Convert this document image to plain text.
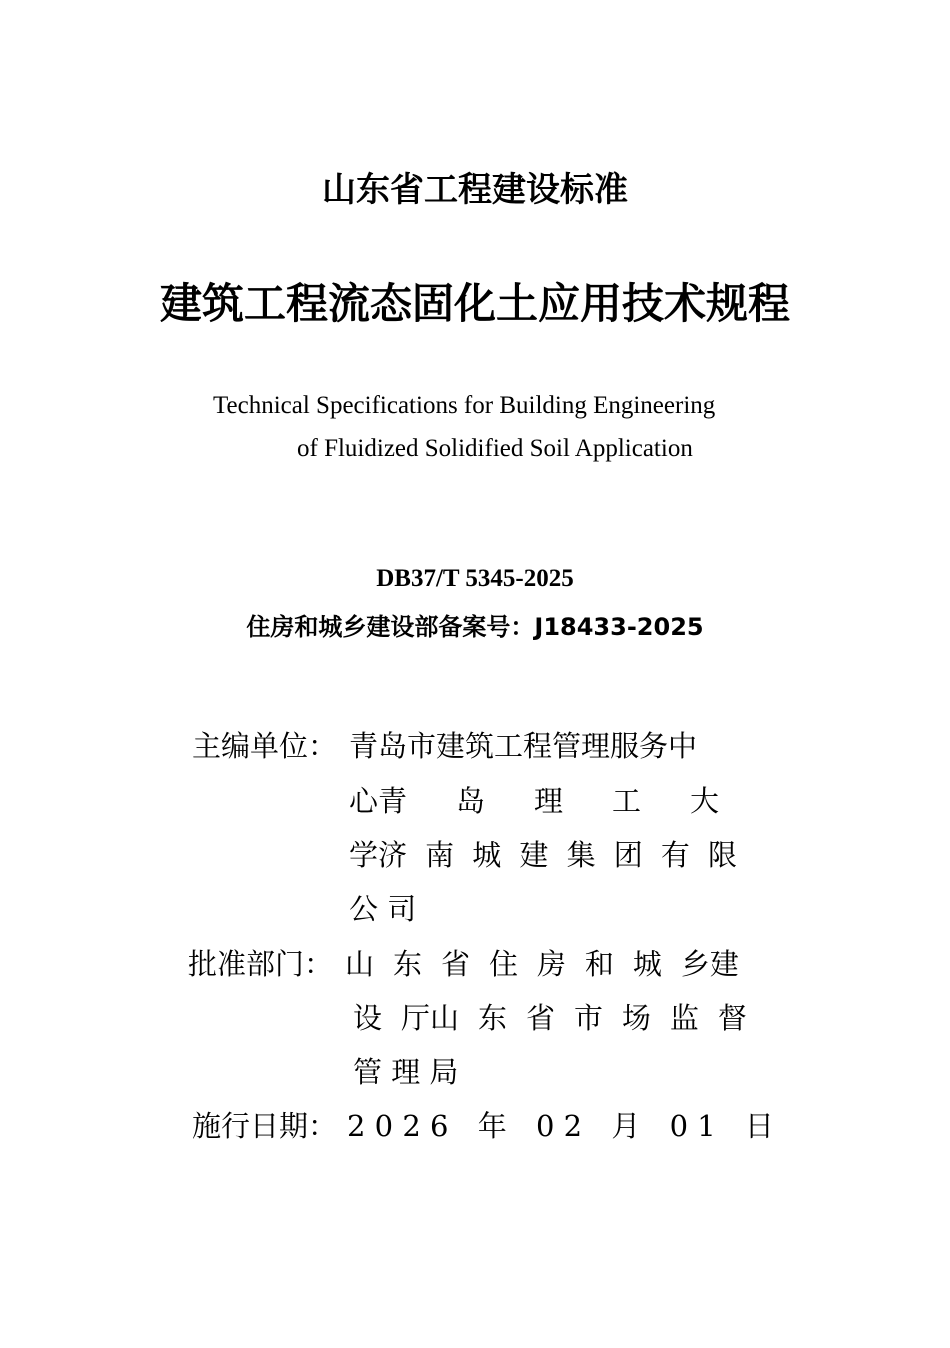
山东省工程建设标准
建筑工程流态固化土应用技术规程
Technical Specifications for Building Engineering
of Fluidized Solidified Soil Application
DB37/T 5345-2025
住房和城乡建设部备案号：J18433-2025
主编单位： 青岛市建筑工程管理服务中
心青 岛 理 工 大
学济 南 城 建 集 团 有 限
公 司
批准部门： 山 东 省 住 房 和 城 乡建
设 厅山 东 省 市 场 监 督
管 理 局
施行日期： 2 0 2 6 年 0 2 月 0 1 日
